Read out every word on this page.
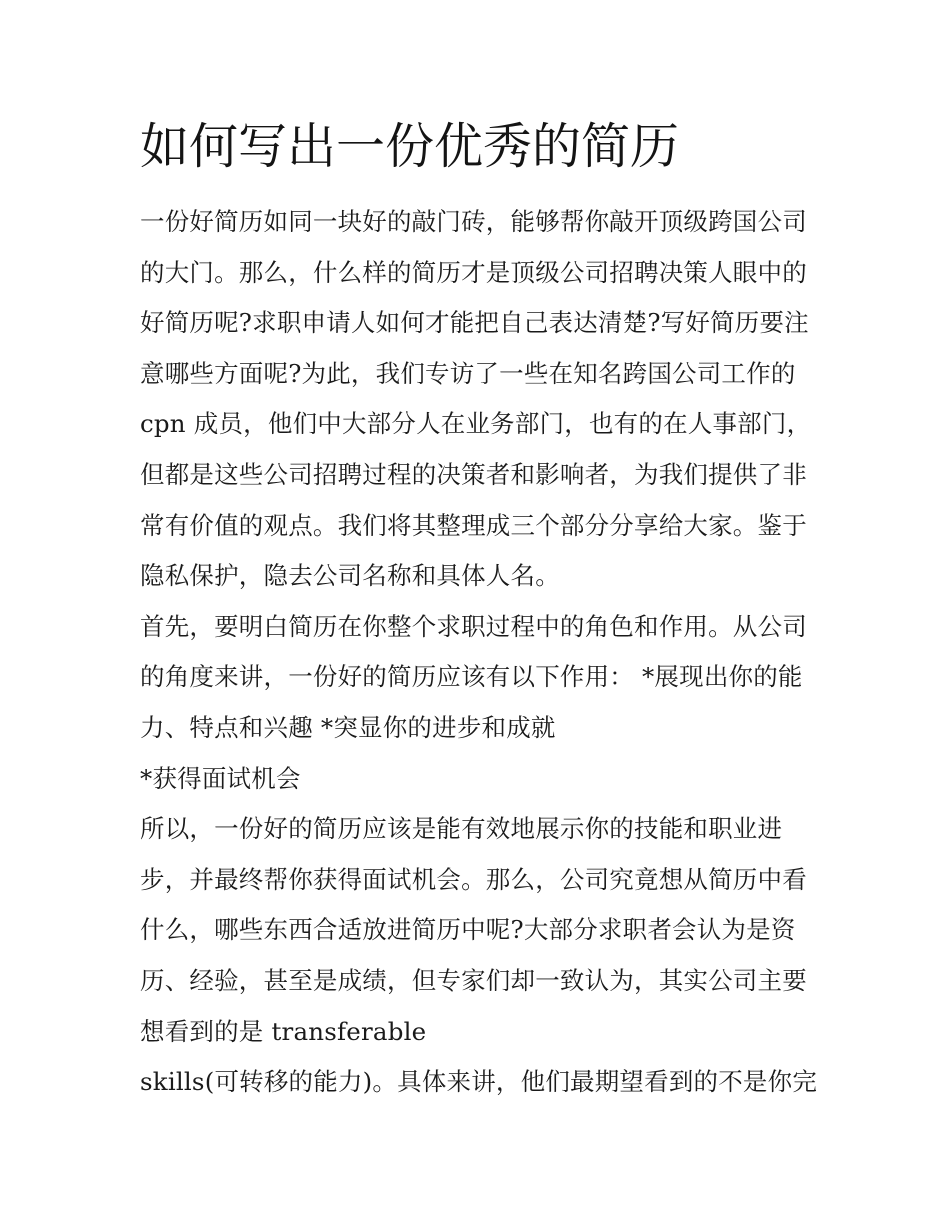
如何写出一份优秀的简历
一份好简历如同一块好的敲门砖，能够帮你敲开顶级跨国公司
的大门。那么，什么样的简历才是顶级公司招聘决策人眼中的
好简历呢?求职申请人如何才能把自己表达清楚?写好简历要注
意哪些方面呢?为此，我们专访了一些在知名跨国公司工作的
cpn 成员，他们中大部分人在业务部门，也有的在人事部门，
但都是这些公司招聘过程的决策者和影响者，为我们提供了非
常有价值的观点。我们将其整理成三个部分分享给大家。鉴于
隐私保护，隐去公司名称和具体人名。
首先，要明白简历在你整个求职过程中的角色和作用。从公司
的角度来讲，一份好的简历应该有以下作用： *展现出你的能
力、特点和兴趣 *突显你的进步和成就
*获得面试机会
所以，一份好的简历应该是能有效地展示你的技能和职业进
步，并最终帮你获得面试机会。那么，公司究竟想从简历中看
什么，哪些东西合适放进简历中呢?大部分求职者会认为是资
历、经验，甚至是成绩，但专家们却一致认为，其实公司主要
想看到的是 transferable
skills(可转移的能力)。具体来讲，他们最期望看到的不是你完
